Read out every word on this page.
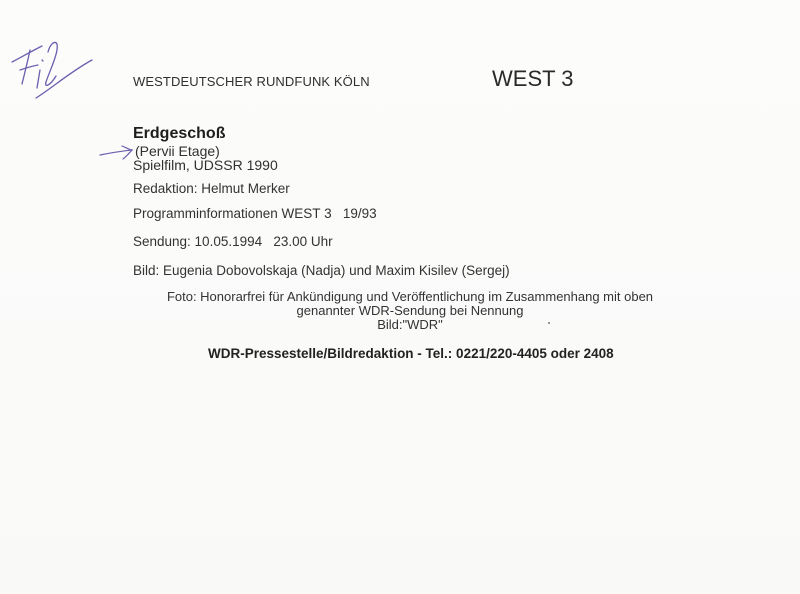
WESTDEUTSCHER RUNDFUNK KÖLN	WEST 3
Erdgeschoß
(Pervii Etage)
Spielfilm, UDSSR 1990
Redaktion: Helmut Merker
Programminformationen WEST 3   19/93
Sendung: 10.05.1994   23.00 Uhr
Bild: Eugenia Dobovolskaja (Nadja) und Maxim Kisilev (Sergej)
Foto: Honorarfrei für Ankündigung und Veröffentlichung im Zusammenhang mit oben
genannter WDR-Sendung bei Nennung
Bild:"WDR"
WDR-Pressestelle/Bildredaktion - Tel.: 0221/220-4405 oder 2408
